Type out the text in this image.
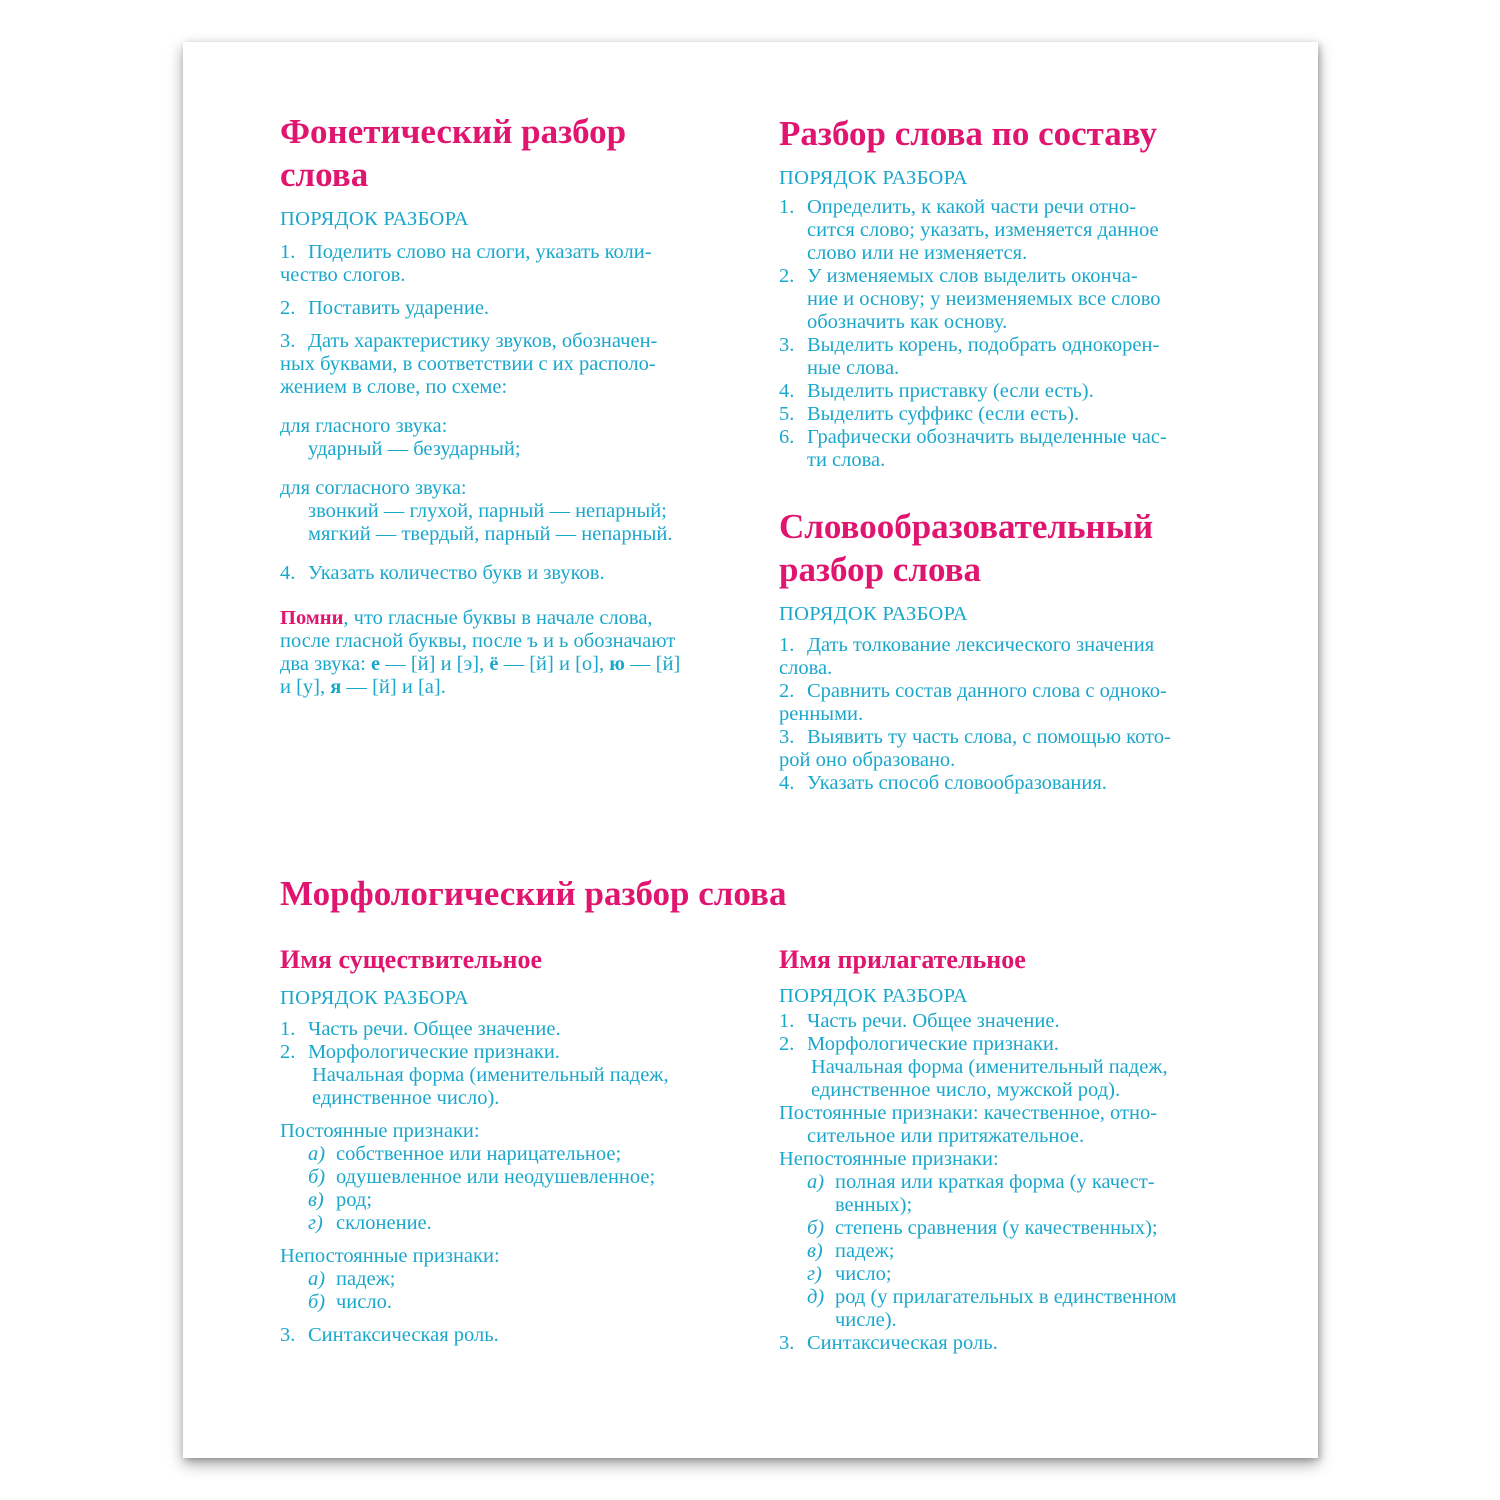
Фонетический разбор
слова

ПОРЯДОК РАЗБОРА

1. Поделить слово на слоги, указать коли-

чество слогов.

2. Поставить ударение.
3. Дать характеристику звуков, обозначен-

ных буквами, в соответствии с их располо-

жением в слове, по схеме:

для гласного звука:

ударный — безударный;

для согласного звука:

звонкий — глухой, парный — непарный;

мягкий — твердый, парный — непарный.

4. Указать количество букв и звуков.

Помни, что гласные буквы в начале слова,

после гласной буквы, после ъ и ь обозначают

два звука: е — [й] и [э], ё — [й] и [о], ю — [й]

и [у], я — [й] и [а].

Разбор слова по составу

ПОРЯДОК РАЗБОРА

1. Определить, к какой части речи отно-
сится слово; указать, изменяется данное
слово или не изменяется.
2. У изменяемых слов выделить оконча-
ние и основу; у неизменяемых все слово
обозначить как основу.
3. Выделить корень, подобрать однокорен-
ные слова.
4. Выделить приставку (если есть).
5. Выделить суффикс (если есть).
6. Графически обозначить выделенные час-
ти слова.
Словообразовательный
разбор слова

ПОРЯДОК РАЗБОРА

1. Дать толкование лексического значения

слова.

2. Сравнить состав данного слова с одноко-

ренными.

3. Выявить ту часть слова, с помощью кото-

рой оно образовано.

4. Указать способ словообразования.
Морфологический разбор слова
Имя существительное

ПОРЯДОК РАЗБОРА

1. Часть речи. Общее значение.
2. Морфологические признаки.
Начальная форма (именительный падеж,
единственное число).

Постоянные признаки:

а) собственное или нарицательное;
б) одушевленное или неодушевленное;
в) род;
г) склонение.

Непостоянные признаки:

а) падеж;
б) число.
3. Синтаксическая роль.
Имя прилагательное

ПОРЯДОК РАЗБОРА

1. Часть речи. Общее значение.
2. Морфологические признаки.
Начальная форма (именительный падеж,
единственное число, мужской род).

Постоянные признаки: качественное, отно-

сительное или притяжательное.

Непостоянные признаки:

а) полная или краткая форма (у качест-
венных);
б) степень сравнения (у качественных);
в) падеж;
г) число;
д) род (у прилагательных в единственном
числе).
3. Синтаксическая роль.
